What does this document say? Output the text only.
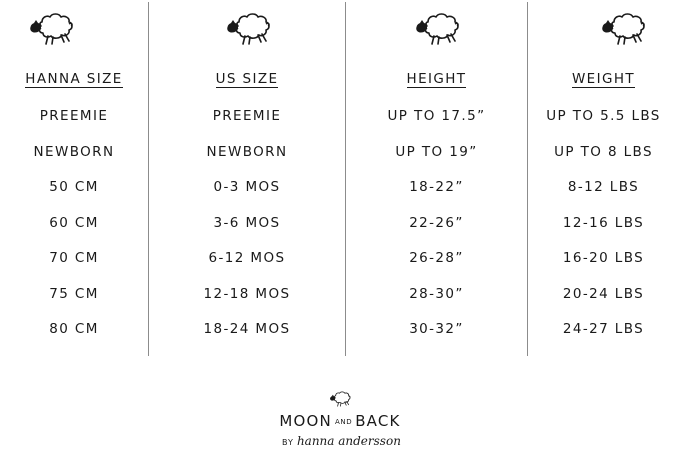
HANNA SIZE
PREEMIE
NEWBORN
50 CM
60 CM
70 CM
75 CM
80 CM
US SIZE
PREEMIE
NEWBORN
0-3 MOS
3-6 MOS
6-12 MOS
12-18 MOS
18-24 MOS
HEIGHT
UP TO 17.5”
UP TO 19”
18-22”
22-26”
26-28”
28-30”
30-32”
WEIGHT
UP TO 5.5 LBS
UP TO 8 LBS
8-12 LBS
12-16 LBS
16-20 LBS
20-24 LBS
24-27 LBS
MOON AND BACK
BY hanna andersson
